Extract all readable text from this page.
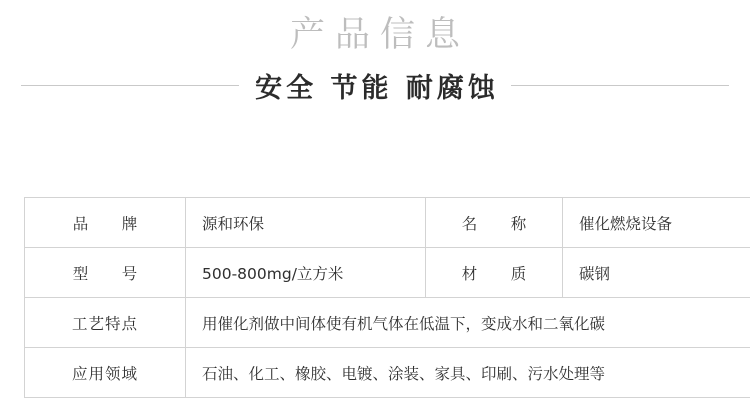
产品信息
安全 节能 耐腐蚀
品　牌	源和环保	名　称	催化燃烧设备
型　号	500-800mg/立方米	材　质	碳钢
工艺特点	用催化剂做中间体使有机气体在低温下，变成水和二氧化碳		
应用领域	石油、化工、橡胶、电镀、涂装、家具、印刷、污水处理等		
